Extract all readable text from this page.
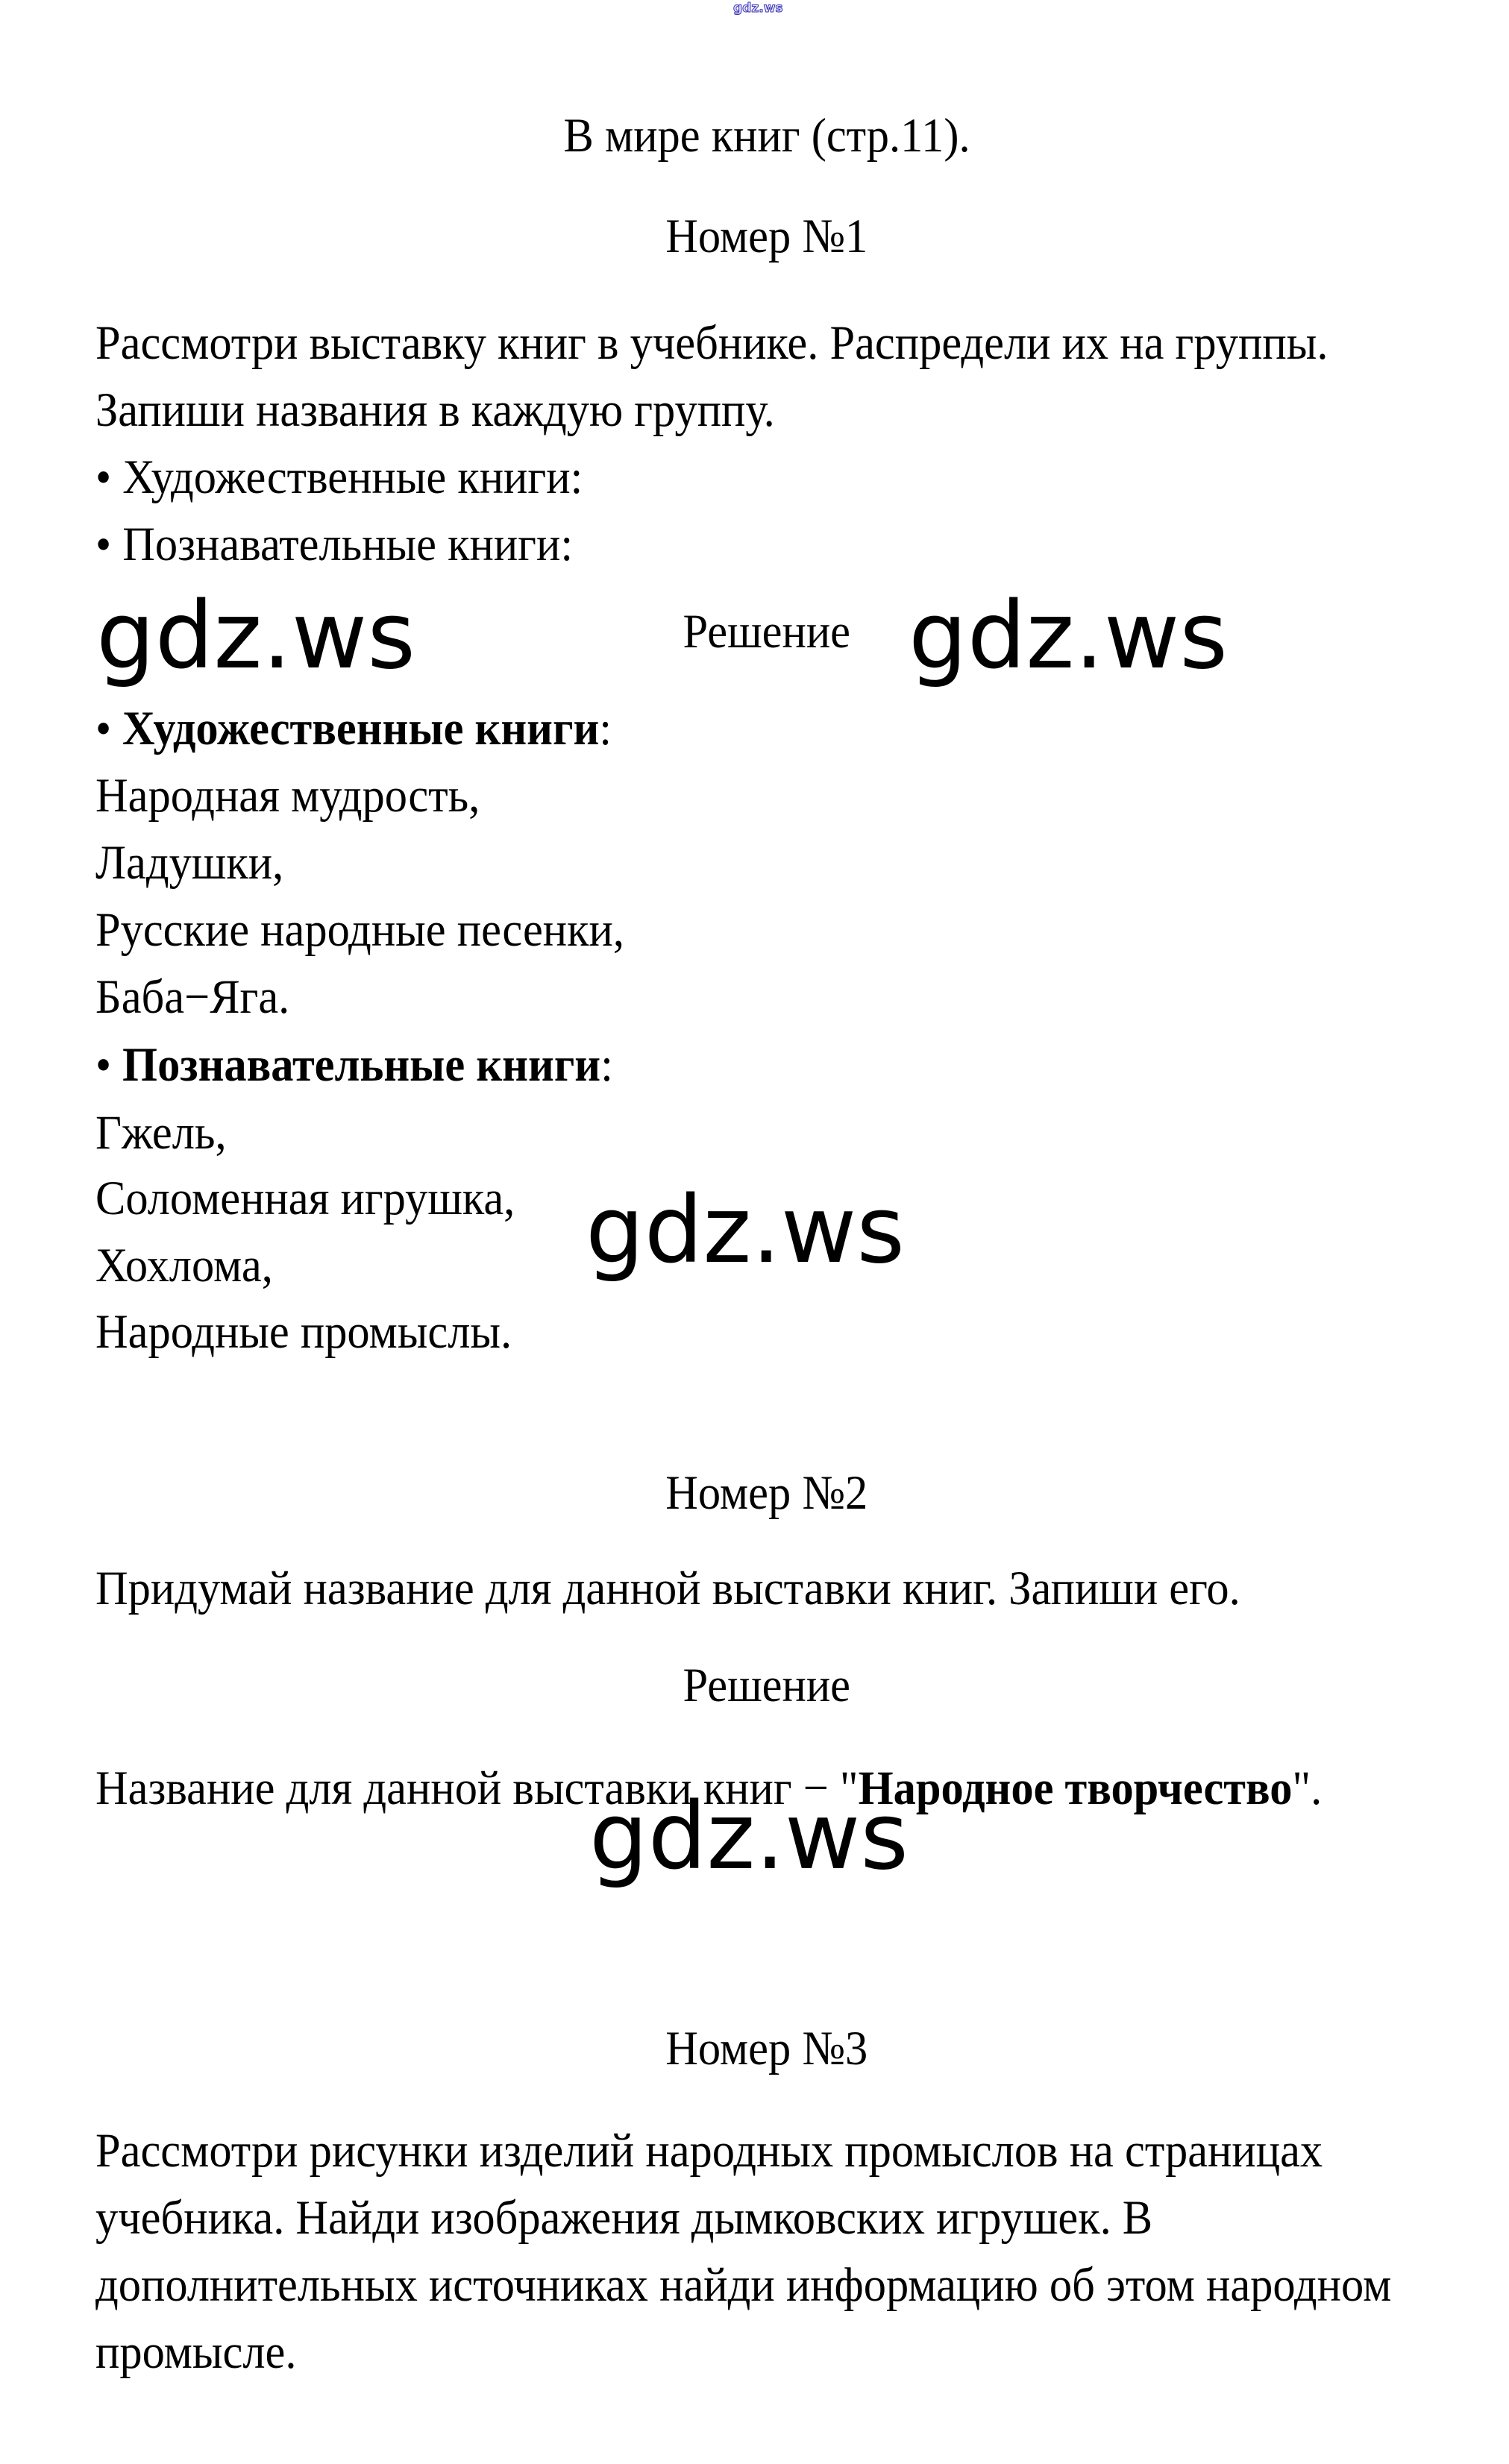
gdz.ws
В мире книг (стр.11).
Номер №1
Рассмотри выставку книг в учебнике. Распредели их на группы.
Запиши названия в каждую группу.
• Художественные книги:
• Познавательные книги:
gdz.ws	Решение gdz.ws
• Художественные книги:
Народная мудрость,
Ладушки,
Русские народные песенки,
Баба−Яга.
• Познавательные книги:
Гжель,
Соломенная игрушка,
Хохлома,
Народные промыслы.
gdz.ws
Номер №2
Придумай название для данной выставки книг. Запиши его.
Решение
Название для данной выставки книг − "Народное творчество".
gdz.ws
Номер №3
Рассмотри рисунки изделий народных промыслов на страницах
учебника. Найди изображения дымковских игрушек. В
дополнительных источниках найди информацию об этом народном
промысле.
